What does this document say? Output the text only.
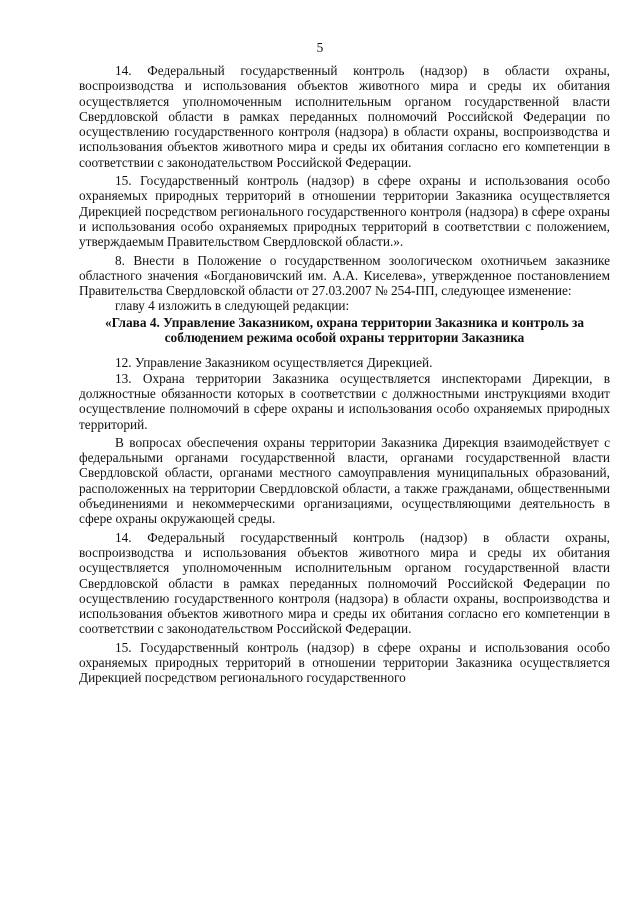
5

14. Федеральный государственный контроль (надзор) в области охраны, воспроизводства и использования объектов животного мира и среды их обитания осуществляется уполномоченным исполнительным органом государственной власти Свердловской области в рамках переданных полномочий Российской Федерации по осуществлению государственного контроля (надзора) в области охраны, воспроизводства и использования объектов животного мира и среды их обитания согласно его компетенции в соответствии с законодательством Российской Федерации.

15. Государственный контроль (надзор) в сфере охраны и использования особо охраняемых природных территорий в отношении территории Заказника осуществляется Дирекцией посредством регионального государственного контроля (надзора) в сфере охраны и использования особо охраняемых природных территорий в соответствии с положением, утверждаемым Правительством Свердловской области.».

8. Внести в Положение о государственном зоологическом охотничьем заказнике областного значения «Богдановичский им. А.А. Киселева», утвержденное постановлением Правительства Свердловской области от 27.03.2007 № 254-ПП, следующее изменение:

главу 4 изложить в следующей редакции:

«Глава 4. Управление Заказником, охрана территории Заказника и контроль за соблюдением режима особой охраны территории Заказника

12. Управление Заказником осуществляется Дирекцией.

13. Охрана территории Заказника осуществляется инспекторами Дирекции, в должностные обязанности которых в соответствии с должностными инструкциями входит осуществление полномочий в сфере охраны и использования особо охраняемых природных территорий.

В вопросах обеспечения охраны территории Заказника Дирекция взаимодействует с федеральными органами государственной власти, органами государственной власти Свердловской области, органами местного самоуправления муниципальных образований, расположенных на территории Свердловской области, а также гражданами, общественными объединениями и некоммерческими организациями, осуществляющими деятельность в сфере охраны окружающей среды.

14. Федеральный государственный контроль (надзор) в области охраны, воспроизводства и использования объектов животного мира и среды их обитания осуществляется уполномоченным исполнительным органом государственной власти Свердловской области в рамках переданных полномочий Российской Федерации по осуществлению государственного контроля (надзора) в области охраны, воспроизводства и использования объектов животного мира и среды их обитания согласно его компетенции в соответствии с законодательством Российской Федерации.

15. Государственный контроль (надзор) в сфере охраны и использования особо охраняемых природных территорий в отношении территории Заказника осуществляется Дирекцией посредством регионального государственного
